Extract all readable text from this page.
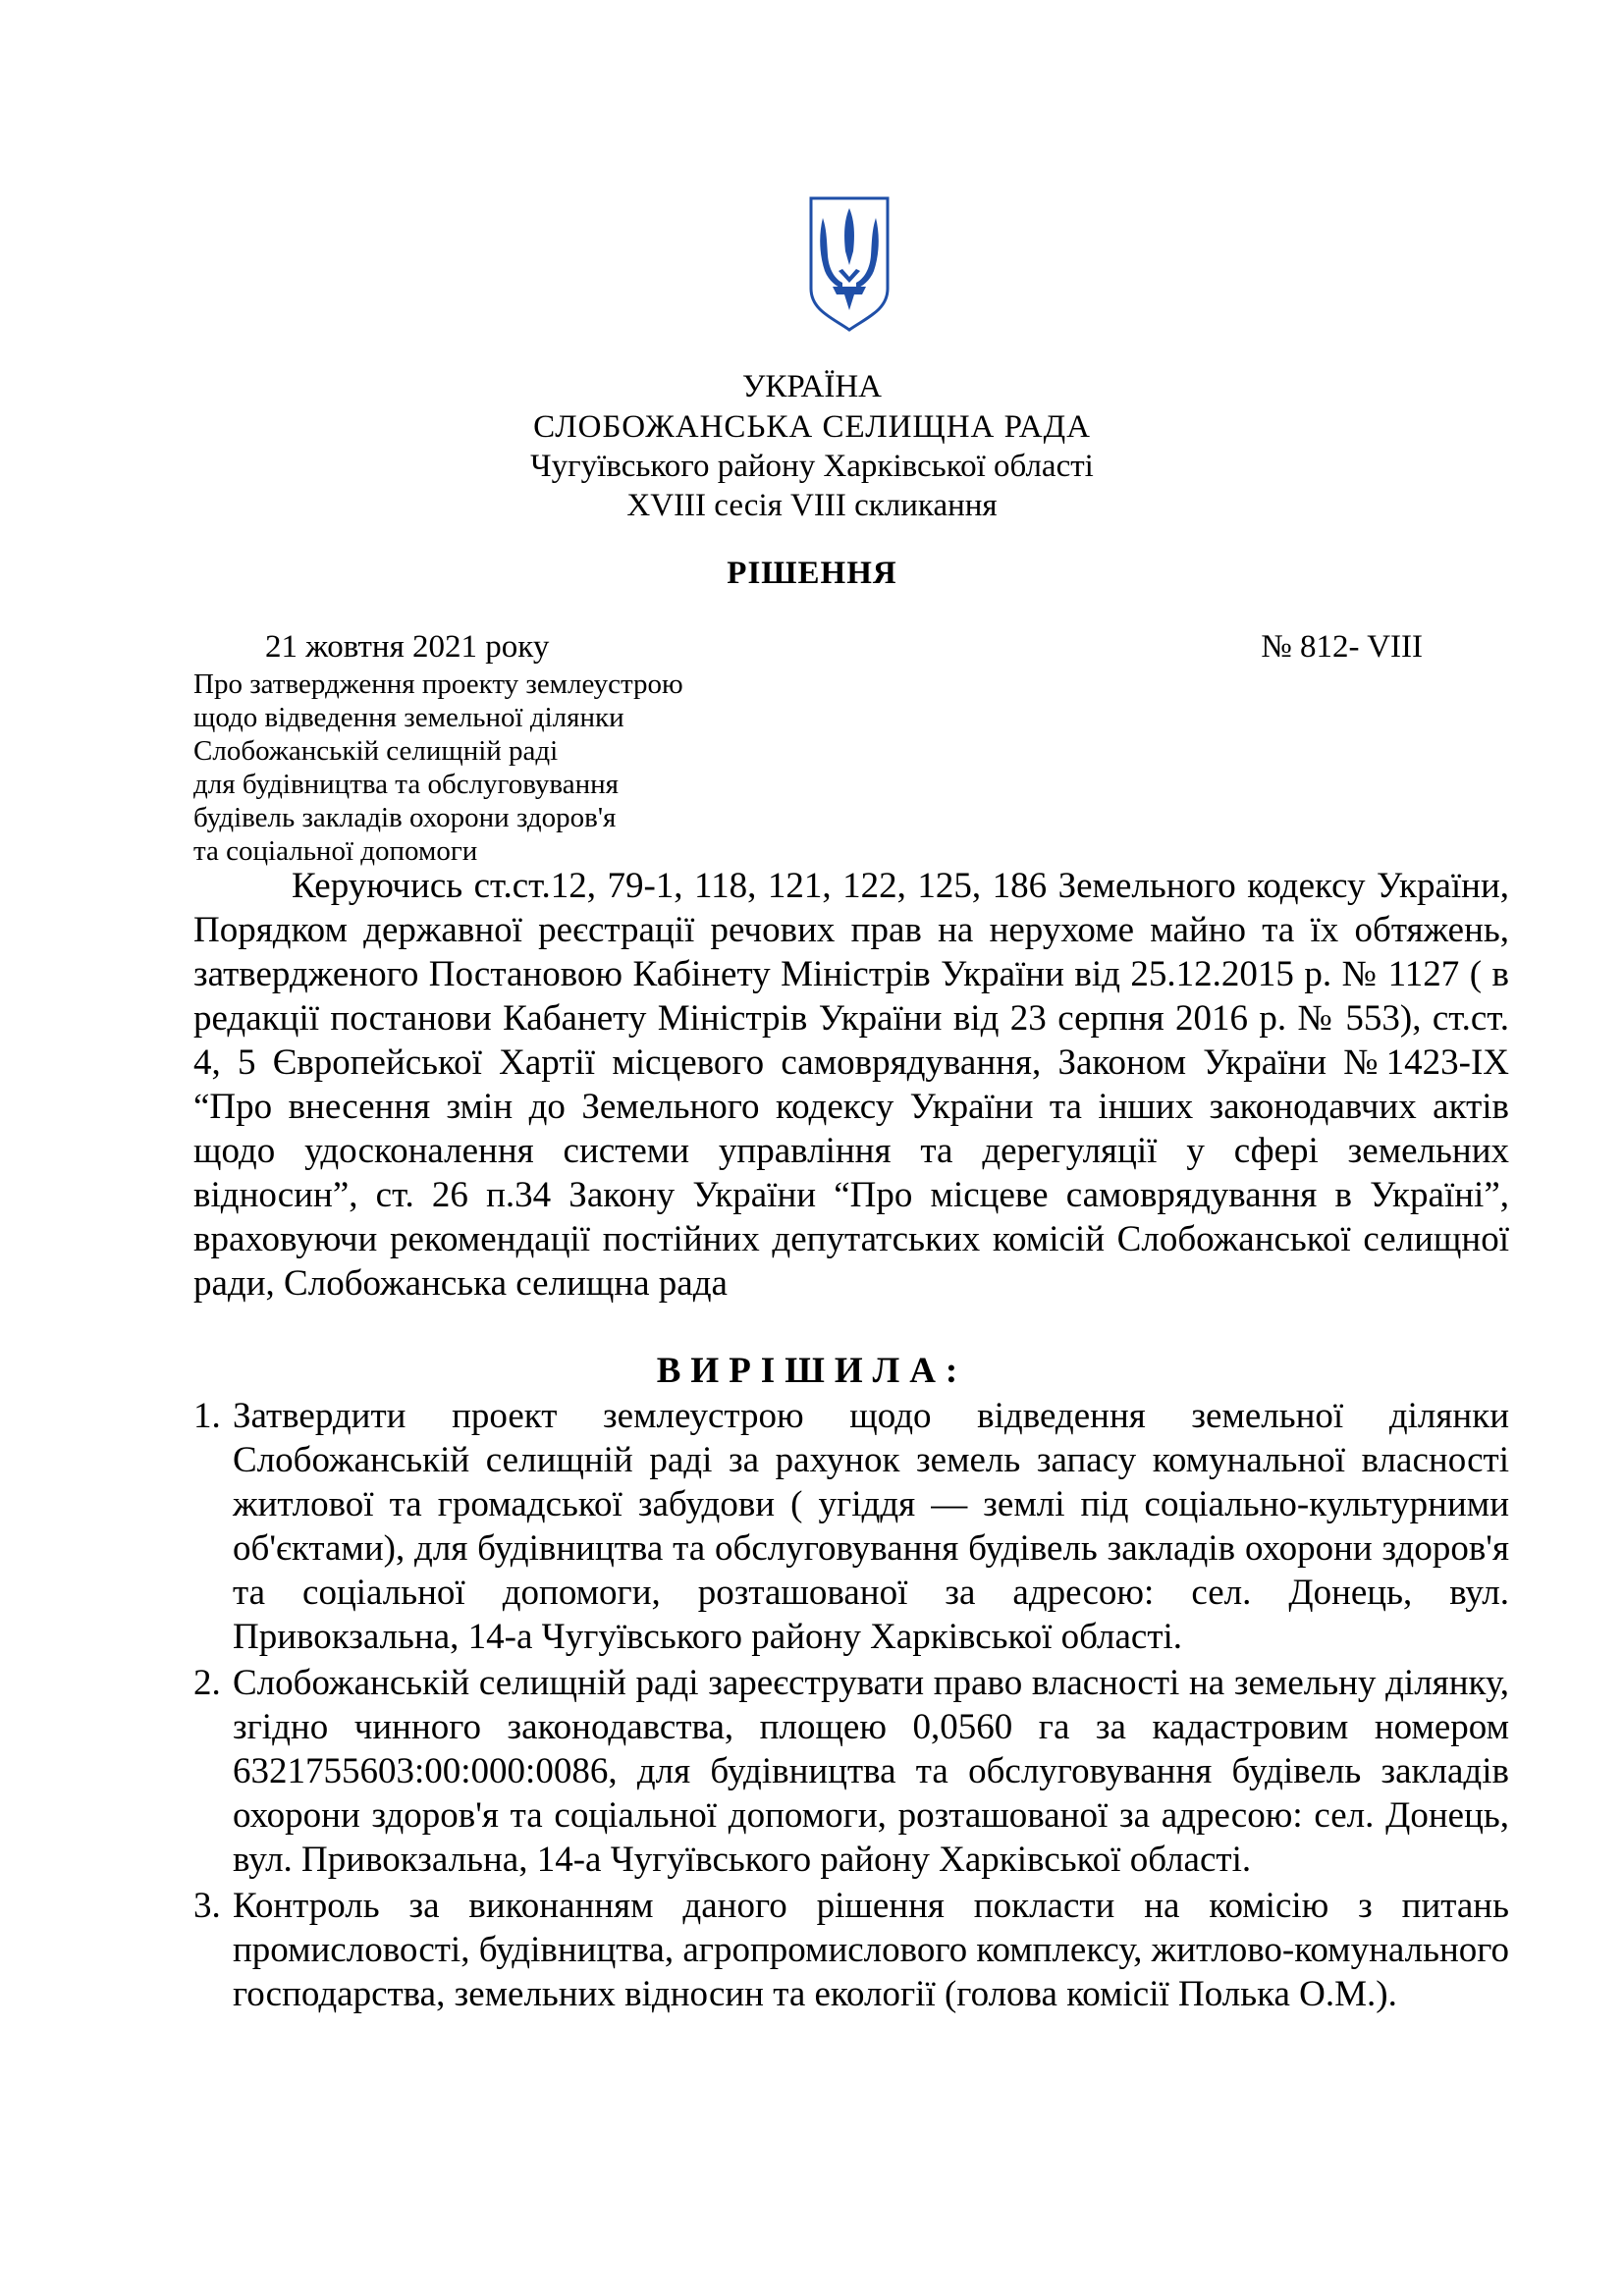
УКРАЇНА
СЛОБОЖАНСЬКА СЕЛИЩНА РАДА
Чугуївського району Харківської області
XVIII сесія VIII скликання
РІШЕННЯ
21 жовтня 2021 року	№ 812- VIII
Про затвердження проекту землеустрою
щодо відведення земельної ділянки
Слобожанській селищній раді
для будівництва та обслуговування
будівель закладів охорони здоров'я
та соціальної допомоги
Керуючись ст.ст.12, 79-1, 118, 121, 122, 125, 186 Земельного кодексу України, Порядком державної реєстрації речових прав на нерухоме майно та їх обтяжень, затвердженого Постановою Кабінету Міністрів України від 25.12.2015 р. № 1127 ( в редакції постанови Кабанету Міністрів України від 23 серпня 2016 р. № 553), ст.ст. 4, 5 Європейської Хартії місцевого самоврядування, Законом України №1423-IX “Про внесення змін до Земельного кодексу України та інших законодавчих актів щодо удосконалення системи управління та дерегуляції у сфері земельних відносин”, ст. 26 п.34 Закону України “Про місцеве самоврядування в Україні”, враховуючи рекомендації постійних депутатських комісій Слобожанської селищної ради, Слобожанська селищна рада
ВИРІШИЛА:
1. Затвердити проект землеустрою щодо відведення земельної ділянки Слобожанській селищній раді за рахунок земель запасу комунальної власності житлової та громадської забудови ( угіддя — землі під соціально-культурними об'єктами), для будівництва та обслуговування будівель закладів охорони здоров'я та соціальної допомоги, розташованої за адресою: сел. Донець, вул. Привокзальна, 14-а Чугуївського району Харківської області.
2. Слобожанській селищній раді зареєструвати право власності на земельну ділянку, згідно чинного законодавства, площею 0,0560 га за кадастровим номером 6321755603:00:000:0086, для будівництва та обслуговування будівель закладів охорони здоров'я та соціальної допомоги, розташованої за адресою: сел. Донець, вул. Привокзальна, 14-а Чугуївського району Харківської області.
3. Контроль за виконанням даного рішення покласти на комісію з питань промисловості, будівництва, агропромислового комплексу, житлово-комунального господарства, земельних відносин та екології (голова комісії Полька О.М.).
